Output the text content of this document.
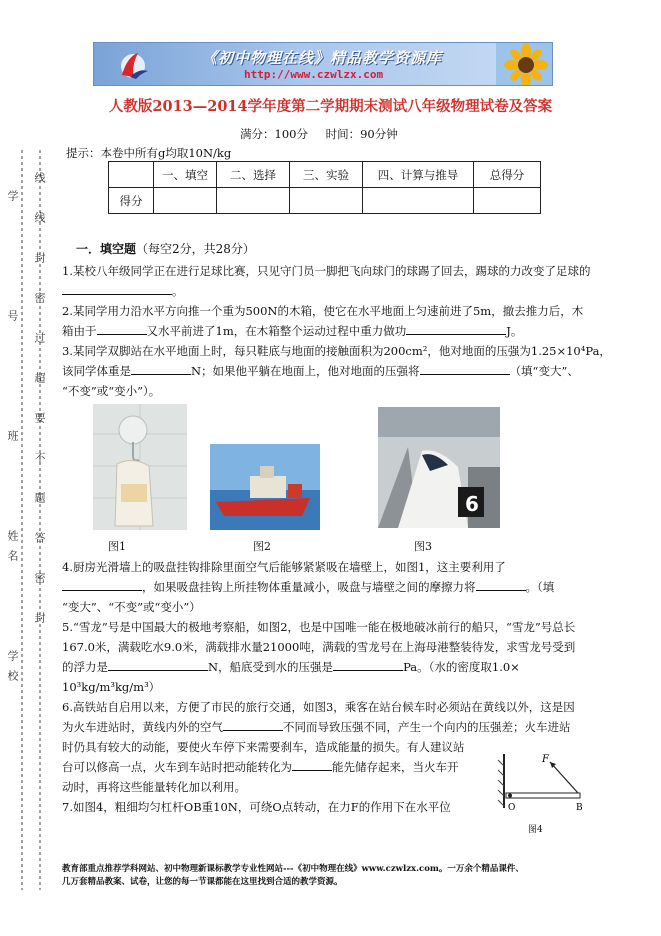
《初中物理在线》精品教学资源库
http://www.czwlzx.com
人教版2013—2014学年度第二学期期末测试八年级物理试卷及答案
满分：100分 时间：90分钟
提示：本卷中所有g均取10N/kg
	一、填空	二、选择	三、实验	四、计算与推导	总得分
得分					
一．填空题（每空2分，共28分）
1.某校八年级同学正在进行足球比赛，只见守门员一脚把飞向球门的球踢了回去，踢球的力改变了足球的
。
2.某同学用力沿水平方向推一个重为500N的木箱，使它在水平地面上匀速前进了5m，撤去推力后，木
箱由于	又水平前进了1m，在木箱整个运动过程中重力做功	J。
3.某同学双脚站在水平地面上时，每只鞋底与地面的接触面积为200cm²，他对地面的压强为1.25×10⁴Pa，
该同学体重是	N；如果他平躺在地面上，他对地面的压强将	（填“变大”、
“不变”或“变小”）。
图1	图2
6
图3
4.厨房光滑墙上的吸盘挂钩排除里面空气后能够紧紧吸在墙壁上，如图1，这主要利用了
，如果吸盘挂钩上所挂物体重量减小，吸盘与墙壁之间的摩擦力将	。（填
“变大”、“不变”或“变小”）
5.“雪龙”号是中国最大的极地考察船，如图2，也是中国唯一能在极地破冰前行的船只，“雪龙”号总长
167.0米，满载吃水9.0米，满载排水量21000吨，满载的雪龙号在上海母港整装待发，求雪龙号受到
的浮力是	N，船底受到水的压强是	Pa。（水的密度取1.0×
10³kg/m³kg/m³）
6.高铁站自启用以来，方便了市民的旅行交通，如图3，乘客在站台候车时必须站在黄线以外，这是因
为火车进站时，黄线内外的空气	不同而导致压强不同，产生一个向内的压强差；火车进站
时仍具有较大的动能，要使火车停下来需要刹车，造成能量的损失。有人建议站
台可以修高一点，火车到车站时把动能转化为	能先储存起来，当火车开
动时，再将这些能量转化加以利用。
7.如图4，粗细均匀杠杆OB重10N，可绕O点转动，在力F的作用下在水平位
F
O	B
图4
线
线
封
密
过
超
要
不
题
答
密
封
学
号
班
姓
名
学
校
教育部重点推荐学科网站、初中物理新课标教学专业性网站---《初中物理在线》www.czwlzx.com。一万余个精品课件、
几万套精品教案、试卷，让您的每一节课都能在这里找到合适的教学资源。
